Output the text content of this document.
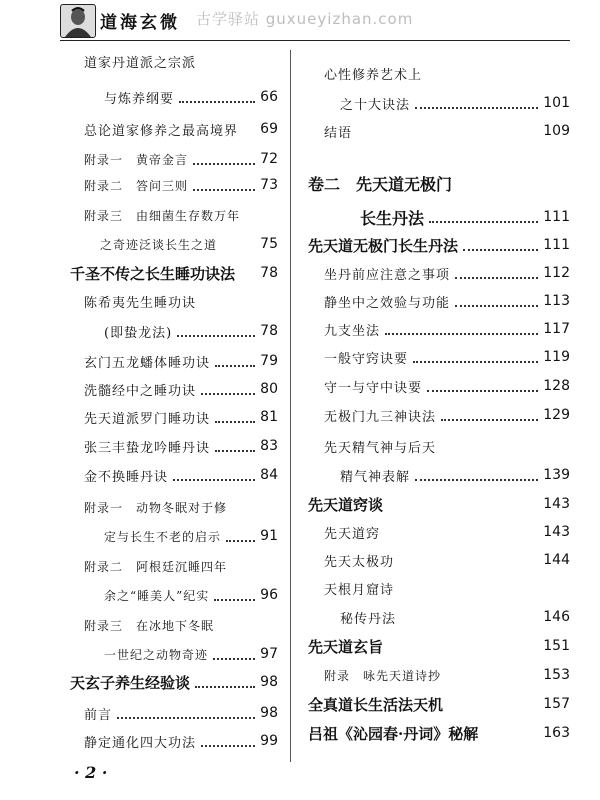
道海玄微 古学驿站 guxueyizhan.com
道家丹道派之宗派
与炼养纲要	66
总论道家修养之最高境界 69
附录一　黄帝金言	72
附录二　答问三则	73
附录三　由细菌生存数万年
之奇迹泛谈长生之道	75
千圣不传之长生睡功诀法 78
陈希夷先生睡功诀
(即蛰龙法)	78
玄门五龙蟠体睡功诀	79
洗髓经中之睡功诀	80
先天道派罗门睡功诀	81
张三丰蛰龙吟睡丹诀	83
金不换睡丹诀	84
附录一　动物冬眠对于修
定与长生不老的启示	91
附录二　阿根廷沉睡四年
余之“睡美人”纪实	96
附录三　在冰地下冬眠
一世纪之动物奇迹	97
天玄子养生经验谈	98
前言	98
静定通化四大功法	99
心性修养艺术上
之十大诀法	101
结语	109
卷二　先天道无极门
长生丹法	111
先天道无极门长生丹法	111
坐丹前应注意之事项	112
静坐中之效验与功能	113
九支坐法	117
一般守窍诀要	119
守一与守中诀要	128
无极门九三神诀法	129
先天精气神与后天
精气神表解	139
先天道窍谈	143
先天道窍	143
先天太极功	144
天根月窟诗
秘传丹法	146
先天道玄旨	151
附录　咏先天道诗抄	153
全真道长生活法天机	157
吕祖《沁园春·丹词》秘解	163
· 2 ·
